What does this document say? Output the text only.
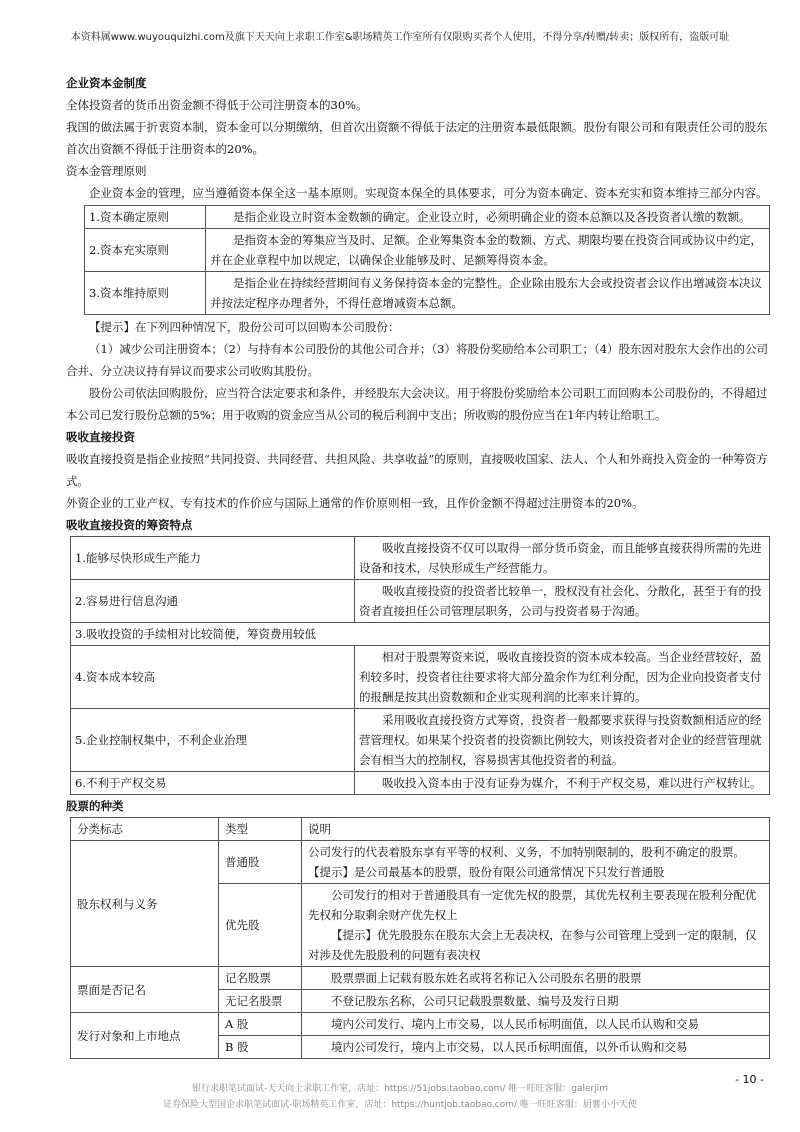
本资料属www.wuyouquizhi.com及旗下天天向上求职工作室&职场精英工作室所有仅限购买者个人使用，不得分享/转赠/转卖；版权所有，盗版可耻

企业资本金制度

全体投资者的货币出资金额不得低于公司注册资本的30%。

我国的做法属于折衷资本制，资本金可以分期缴纳，但首次出资额不得低于法定的注册资本最低限额。股份有限公司和有限责任公司的股东首次出资额不得低于注册资本的20%。

资本金管理原则

企业资本金的管理，应当遵循资本保全这一基本原则。实现资本保全的具体要求，可分为资本确定、资本充实和资本维持三部分内容。

1.资本确定原则	是指企业设立时资本金数额的确定。企业设立时，必须明确企业的资本总额以及各投资者认缴的数额。
2.资本充实原则	是指资本金的筹集应当及时、足额。企业筹集资本金的数额、方式、期限均要在投资合同或协议中约定，并在企业章程中加以规定，以确保企业能够及时、足额筹得资本金。
3.资本维持原则	是指企业在持续经营期间有义务保持资本金的完整性。企业除由股东大会或投资者会议作出增减资本决议并按法定程序办理者外，不得任意增减资本总额。

【提示】在下列四种情况下，股份公司可以回购本公司股份：

（1）减少公司注册资本；（2）与持有本公司股份的其他公司合并；（3）将股份奖励给本公司职工；（4）股东因对股东大会作出的公司合并、分立决议持有异议而要求公司收购其股份。

股份公司依法回购股份，应当符合法定要求和条件，并经股东大会决议。用于将股份奖励给本公司职工而回购本公司股份的，不得超过本公司已发行股份总额的5%；用于收购的资金应当从公司的税后利润中支出；所收购的股份应当在1年内转让给职工。

吸收直接投资

吸收直接投资是指企业按照“共同投资、共同经营、共担风险、共享收益”的原则，直接吸收国家、法人、个人和外商投入资金的一种筹资方式。

外资企业的工业产权、专有技术的作价应与国际上通常的作价原则相一致，且作价金额不得超过注册资本的20%。

吸收直接投资的筹资特点

1.能够尽快形成生产能力	吸收直接投资不仅可以取得一部分货币资金，而且能够直接获得所需的先进设备和技术，尽快形成生产经营能力。
2.容易进行信息沟通	吸收直接投资的投资者比较单一，股权没有社会化、分散化，甚至于有的投资者直接担任公司管理层职务，公司与投资者易于沟通。
3.吸收投资的手续相对比较简便，筹资费用较低	
4.资本成本较高	相对于股票筹资来说，吸收直接投资的资本成本较高。当企业经营较好，盈利较多时，投资者往往要求将大部分盈余作为红利分配，因为企业向投资者支付的报酬是按其出资数额和企业实现利润的比率来计算的。
5.企业控制权集中，不利企业治理	采用吸收直接投资方式筹资，投资者一般都要求获得与投资数额相适应的经营管理权。如果某个投资者的投资额比例较大，则该投资者对企业的经营管理就会有相当大的控制权，容易损害其他投资者的利益。
6.不利于产权交易	吸收投入资本由于没有证券为媒介，不利于产权交易，难以进行产权转让。

股票的种类

分类标志	类型	说明
股东权利与义务	普通股	公司发行的代表着股东享有平等的权利、义务，不加特别限制的，股利不确定的股票。
【提示】是公司最基本的股票，股份有限公司通常情况下只发行普通股

	优先股	公司发行的相对于普通股具有一定优先权的股票，其优先权利主要表现在股利分配优先权和分取剩余财产优先权上
【提示】优先股股东在股东大会上无表决权，在参与公司管理上受到一定的限制，仅对涉及优先股股利的问题有表决权

票面是否记名	记名股票	股票票面上记载有股东姓名或将名称记入公司股东名册的股票
	无记名股票	不登记股东名称，公司只记载股票数量、编号及发行日期
发行对象和上市地点	A 股	境内公司发行、境内上市交易，以人民币标明面值，以人民币认购和交易
	B 股	境内公司发行，境内上市交易，以人民币标明面值，以外币认购和交易
- 10 -
银行求职笔试面试-天天向上求职工作室，店址：https://51jobs.taobao.com/ 唯一旺旺客服：galerjim
证券保险大型国企求职笔试面试-职场精英工作室，店址：https://huntjob.taobao.com/ 唯一旺旺客服：厨薯小小天使
